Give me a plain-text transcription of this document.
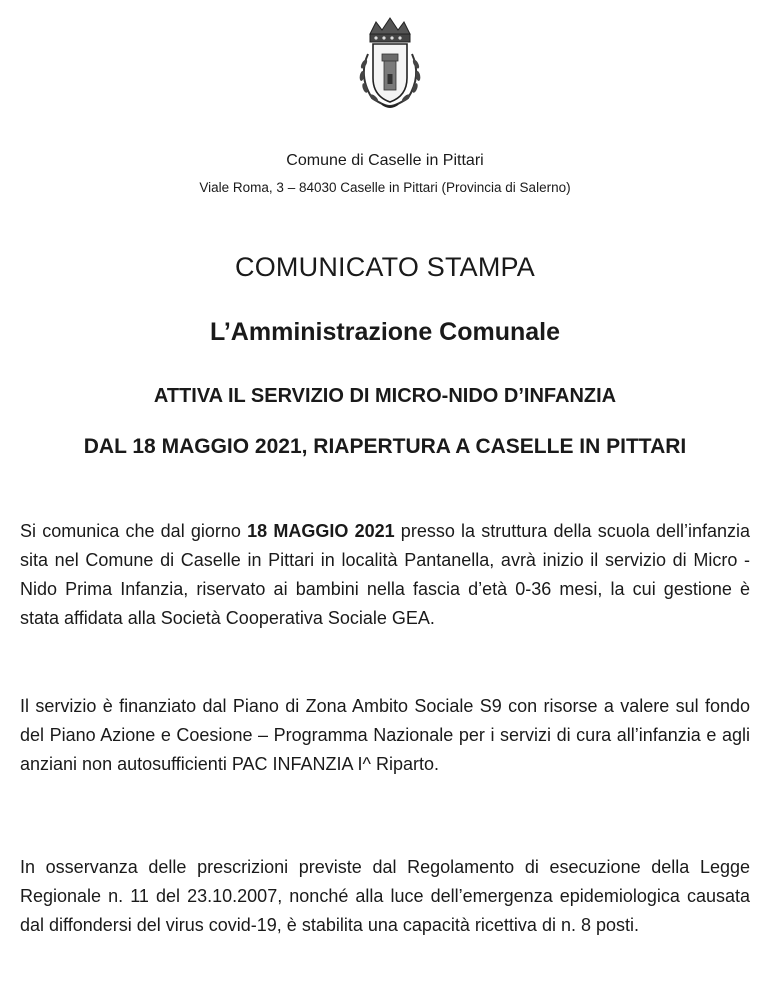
Comune di Caselle in Pittari
Viale Roma, 3 – 84030 Caselle in Pittari (Provincia di Salerno)
COMUNICATO STAMPA
L’Amministrazione Comunale
ATTIVA IL SERVIZIO DI MICRO-NIDO D’INFANZIA
DAL 18 MAGGIO 2021, RIAPERTURA A CASELLE IN PITTARI

Si comunica che dal giorno 18 MAGGIO 2021 presso la struttura della scuola dell’infanzia sita nel Comune di Caselle in Pittari in località Pantanella, avrà inizio il servizio di Micro - Nido Prima Infanzia, riservato ai bambini nella fascia d’età 0-36 mesi, la cui gestione è stata affidata alla Società Cooperativa Sociale GEA.

Il servizio è finanziato dal Piano di Zona Ambito Sociale S9 con risorse a valere sul fondo del Piano Azione e Coesione – Programma Nazionale per i servizi di cura all’infanzia e agli anziani non autosufficienti PAC INFANZIA I^ Riparto.

In osservanza delle prescrizioni previste dal Regolamento di esecuzione della Legge Regionale n. 11 del 23.10.2007, nonché alla luce dell’emergenza epidemiologica causata dal diffondersi del virus covid-19, è stabilita una capacità ricettiva di n. 8 posti.
